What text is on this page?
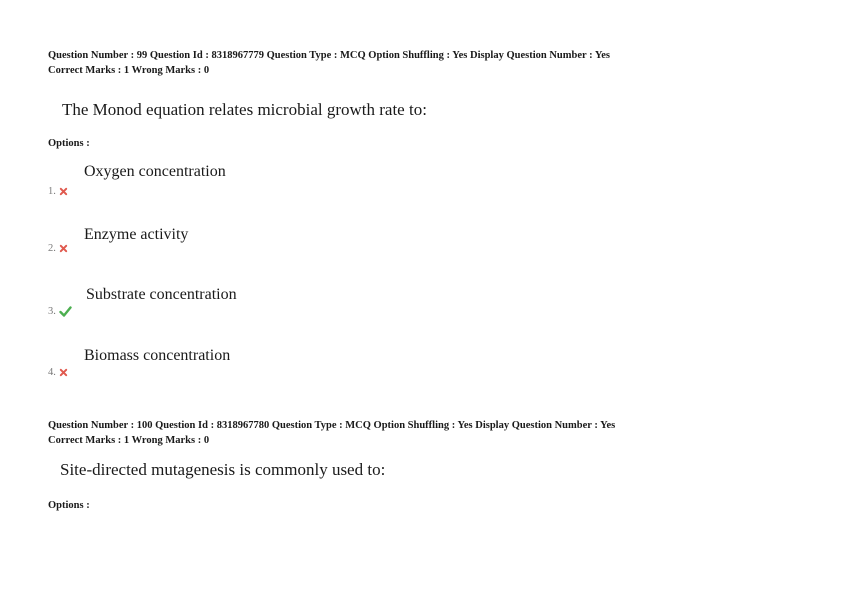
Question Number : 99 Question Id : 8318967779 Question Type : MCQ Option Shuffling : Yes Display Question Number : Yes
Correct Marks : 1 Wrong Marks : 0
The Monod equation relates microbial growth rate to:
Options :
Oxygen concentration
1.
Enzyme activity
2.
Substrate concentration
3.
Biomass concentration
4.
Question Number : 100 Question Id : 8318967780 Question Type : MCQ Option Shuffling : Yes Display Question Number : Yes
Correct Marks : 1 Wrong Marks : 0
Site-directed mutagenesis is commonly used to:
Options :
